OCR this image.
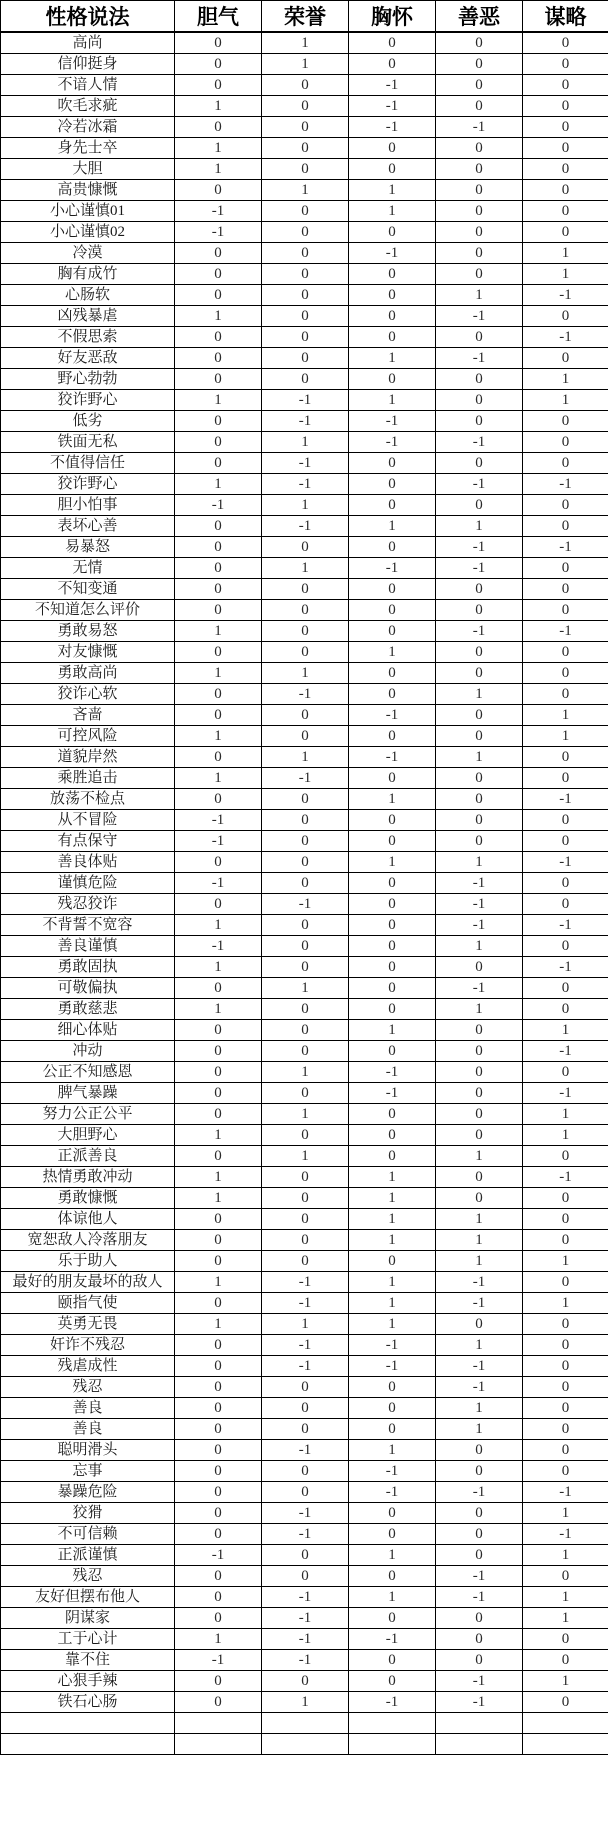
性格说法	胆气	荣誉	胸怀	善恶	谋略
高尚	0	1	0	0	0
信仰挺身	0	1	0	0	0
不谙人情	0	0	-1	0	0
吹毛求疵	1	0	-1	0	0
冷若冰霜	0	0	-1	-1	0
身先士卒	1	0	0	0	0
大胆	1	0	0	0	0
高贵慷慨	0	1	1	0	0
小心谨慎01	-1	0	1	0	0
小心谨慎02	-1	0	0	0	0
冷漠	0	0	-1	0	1
胸有成竹	0	0	0	0	1
心肠软	0	0	0	1	-1
凶残暴虐	1	0	0	-1	0
不假思索	0	0	0	0	-1
好友恶敌	0	0	1	-1	0
野心勃勃	0	0	0	0	1
狡诈野心	1	-1	1	0	1
低劣	0	-1	-1	0	0
铁面无私	0	1	-1	-1	0
不值得信任	0	-1	0	0	0
狡诈野心	1	-1	0	-1	-1
胆小怕事	-1	1	0	0	0
表坏心善	0	-1	1	1	0
易暴怒	0	0	0	-1	-1
无情	0	1	-1	-1	0
不知变通	0	0	0	0	0
不知道怎么评价	0	0	0	0	0
勇敢易怒	1	0	0	-1	-1
对友慷慨	0	0	1	0	0
勇敢高尚	1	1	0	0	0
狡诈心软	0	-1	0	1	0
吝啬	0	0	-1	0	1
可控风险	1	0	0	0	1
道貌岸然	0	1	-1	1	0
乘胜追击	1	-1	0	0	0
放荡不检点	0	0	1	0	-1
从不冒险	-1	0	0	0	0
有点保守	-1	0	0	0	0
善良体贴	0	0	1	1	-1
谨慎危险	-1	0	0	-1	0
残忍狡诈	0	-1	0	-1	0
不背誓不宽容	1	0	0	-1	-1
善良谨慎	-1	0	0	1	0
勇敢固执	1	0	0	0	-1
可敬偏执	0	1	0	-1	0
勇敢慈悲	1	0	0	1	0
细心体贴	0	0	1	0	1
冲动	0	0	0	0	-1
公正不知感恩	0	1	-1	0	0
脾气暴躁	0	0	-1	0	-1
努力公正公平	0	1	0	0	1
大胆野心	1	0	0	0	1
正派善良	0	1	0	1	0
热情勇敢冲动	1	0	1	0	-1
勇敢慷慨	1	0	1	0	0
体谅他人	0	0	1	1	0
宽恕敌人冷落朋友	0	0	1	1	0
乐于助人	0	0	0	1	1
最好的朋友最坏的敌人	1	-1	1	-1	0
颐指气使	0	-1	1	-1	1
英勇无畏	1	1	1	0	0
奸诈不残忍	0	-1	-1	1	0
残虐成性	0	-1	-1	-1	0
残忍	0	0	0	-1	0
善良	0	0	0	1	0
善良	0	0	0	1	0
聪明滑头	0	-1	1	0	0
忘事	0	0	-1	0	0
暴躁危险	0	0	-1	-1	-1
狡猾	0	-1	0	0	1
不可信赖	0	-1	0	0	-1
正派谨慎	-1	0	1	0	1
残忍	0	0	0	-1	0
友好但摆布他人	0	-1	1	-1	1
阴谋家	0	-1	0	0	1
工于心计	1	-1	-1	0	0
靠不住	-1	-1	0	0	0
心狠手辣	0	0	0	-1	1
铁石心肠	0	1	-1	-1	0
